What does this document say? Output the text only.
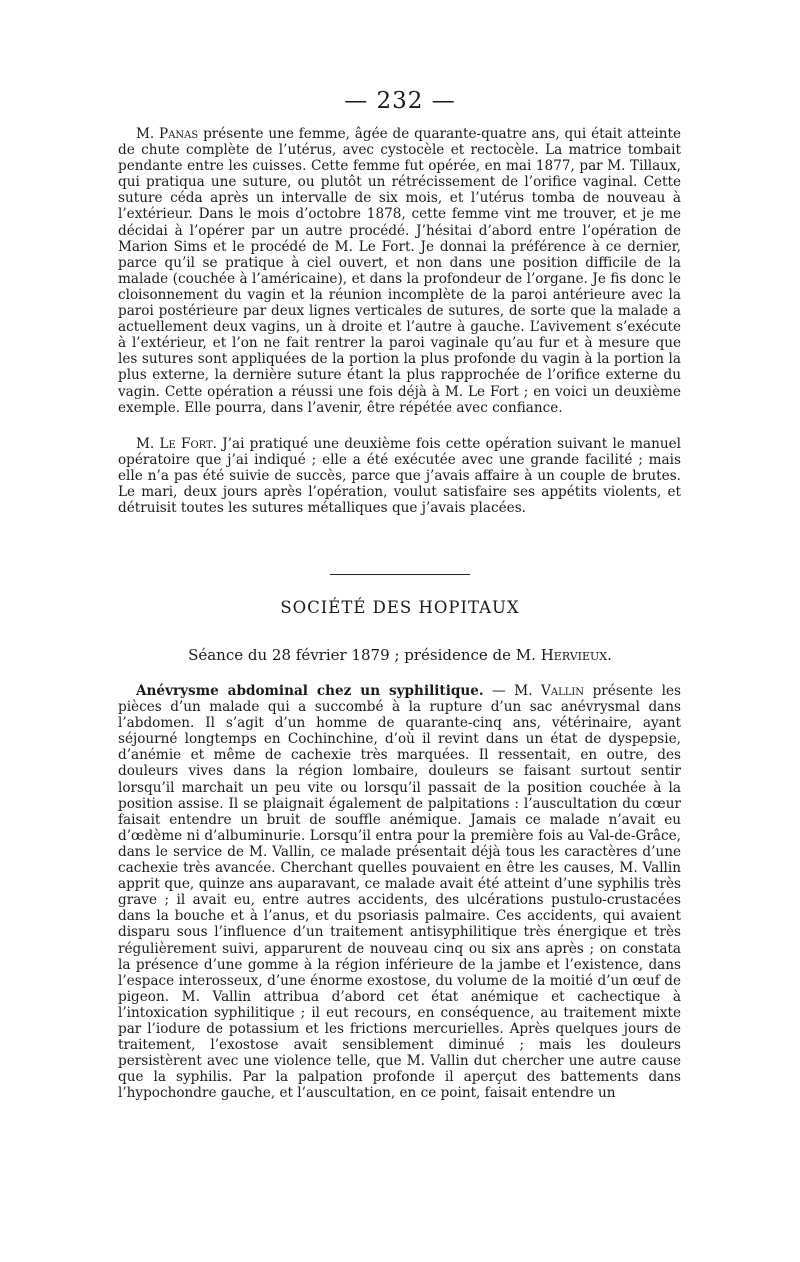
— 232 —

M. Panas présente une femme, âgée de quarante-quatre ans, qui était atteinte de chute complète de l’utérus, avec cystocèle et rectocèle. La matrice tombait pendante entre les cuisses. Cette femme fut opérée, en mai 1877, par M. Tillaux, qui pratiqua une suture, ou plutôt un rétrécissement de l’orifice vaginal. Cette suture céda après un intervalle de six mois, et l’utérus tomba de nouveau à l’extérieur. Dans le mois d’octobre 1878, cette femme vint me trouver, et je me décidai à l’opérer par un autre procédé. J’hésitai d’abord entre l’opération de Marion Sims et le procédé de M. Le Fort. Je donnai la préférence à ce dernier, parce qu’il se pratique à ciel ouvert, et non dans une position difficile de la malade (couchée à l’américaine), et dans la profondeur de l’organe. Je fis donc le cloisonnement du vagin et la réunion incomplète de la paroi antérieure avec la paroi postérieure par deux lignes verticales de sutures, de sorte que la malade a actuellement deux vagins, un à droite et l’autre à gauche. L’avivement s’exécute à l’extérieur, et l’on ne fait rentrer la paroi vaginale qu’au fur et à mesure que les sutures sont appliquées de la portion la plus profonde du vagin à la portion la plus externe, la dernière suture étant la plus rapprochée de l’orifice externe du vagin. Cette opération a réussi une fois déjà à M. Le Fort ; en voici un deuxième exemple. Elle pourra, dans l’avenir, être répétée avec confiance.

M. Le Fort. J’ai pratiqué une deuxième fois cette opération suivant le manuel opératoire que j’ai indiqué ; elle a été exécutée avec une grande facilité ; mais elle n’a pas été suivie de succès, parce que j’avais affaire à un couple de brutes. Le mari, deux jours après l’opération, voulut satisfaire ses appétits violents, et détruisit toutes les sutures métalliques que j’avais placées.

SOCIÉTÉ DES HOPITAUX

Séance du 28 février 1879 ; présidence de M. Hervieux.

Anévrysme abdominal chez un syphilitique. — M. Vallin présente les pièces d’un malade qui a succombé à la rupture d’un sac anévrysmal dans l’abdomen. Il s’agit d’un homme de quarante-cinq ans, vétérinaire, ayant séjourné longtemps en Cochinchine, d’où il revint dans un état de dyspepsie, d’anémie et même de cachexie très marquées. Il ressentait, en outre, des douleurs vives dans la région lombaire, douleurs se faisant surtout sentir lorsqu’il marchait un peu vite ou lorsqu’il passait de la position couchée à la position assise. Il se plaignait également de palpitations : l’auscultation du cœur faisait entendre un bruit de souffle anémique. Jamais ce malade n’avait eu d’œdème ni d’albuminurie. Lorsqu’il entra pour la première fois au Val-de-Grâce, dans le service de M. Vallin, ce malade présentait déjà tous les caractères d’une cachexie très avancée. Cherchant quelles pouvaient en être les causes, M. Vallin apprit que, quinze ans auparavant, ce malade avait été atteint d’une syphilis très grave ; il avait eu, entre autres accidents, des ulcérations pustulo-crustacées dans la bouche et à l’anus, et du psoriasis palmaire. Ces accidents, qui avaient disparu sous l’influence d’un traitement antisyphilitique très énergique et très régulièrement suivi, apparurent de nouveau cinq ou six ans après ; on constata la présence d’une gomme à la région inférieure de la jambe et l’existence, dans l’espace interosseux, d’une énorme exostose, du volume de la moitié d’un œuf de pigeon. M. Vallin attribua d’abord cet état anémique et cachectique à l’intoxication syphilitique ; il eut recours, en conséquence, au traitement mixte par l’iodure de potassium et les frictions mercurielles. Après quelques jours de traitement, l’exostose avait sensiblement diminué ; mais les douleurs persistèrent avec une violence telle, que M. Vallin dut chercher une autre cause que la syphilis. Par la palpation profonde il aperçut des battements dans l’hypochondre gauche, et l’auscultation, en ce point, faisait entendre un
